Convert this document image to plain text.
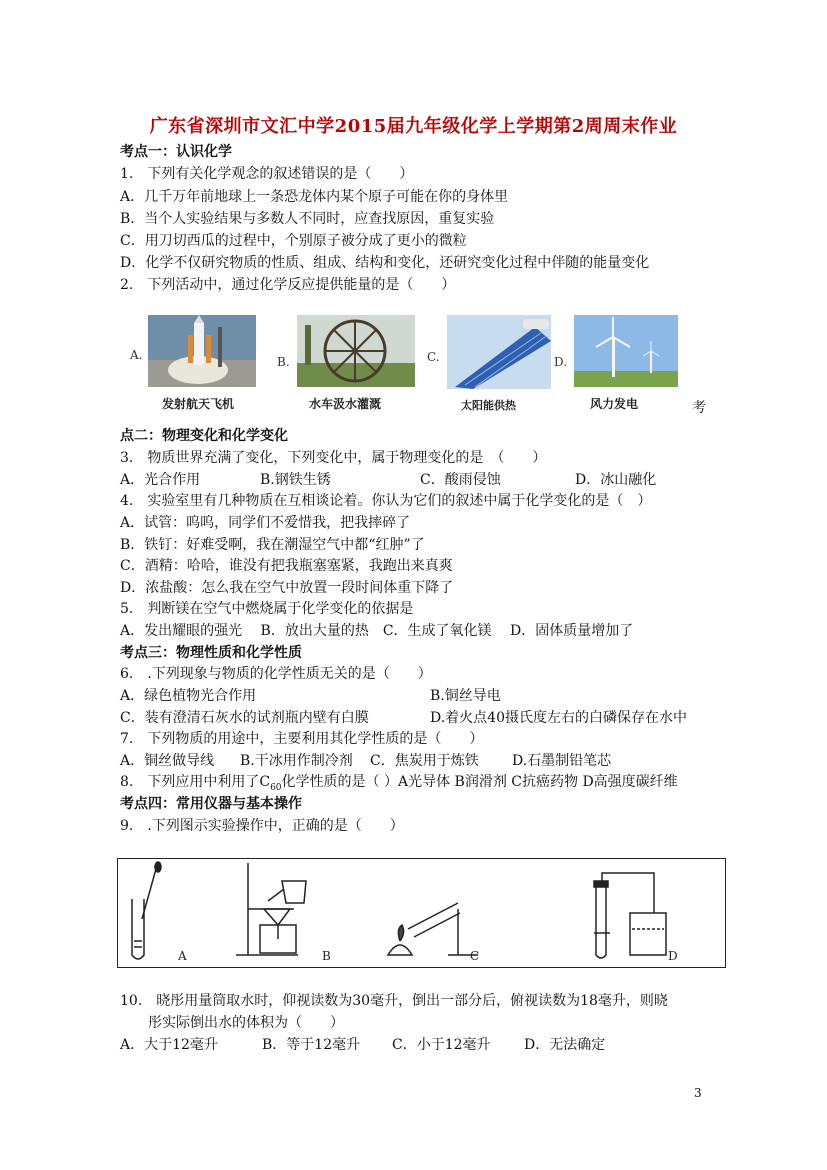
广东省深圳市文汇中学2015届九年级化学上学期第2周周末作业
考点一：认识化学
1.　下列有关化学观念的叙述错误的是（　　）
A．几千万年前地球上一条恐龙体内某个原子可能在你的身体里
B．当个人实验结果与多数人不同时，应查找原因，重复实验
C．用刀切西瓜的过程中，个别原子被分成了更小的微粒
D．化学不仅研究物质的性质、组成、结构和变化，还研究变化过程中伴随的能量变化
2.　下列活动中，通过化学反应提供能量的是（　　）
A.
发射航天飞机
B.
水车汲水灌溉
C.
太阳能供热
D.
风力发电	考
点二：物理变化和化学变化
3.　物质世界充满了变化，下列变化中，属于物理变化的是　（　　）
A．光合作用	B.钢铁生锈	C．酸雨侵蚀	D．冰山融化
4.　实验室里有几种物质在互相谈论着。你认为它们的叙述中属于化学变化的是（　）
A．试管：呜呜，同学们不爱惜我，把我摔碎了
B．铁钉：好难受啊，我在潮湿空气中都“红肿”了
C．酒精：哈哈，谁没有把我瓶塞塞紧，我跑出来真爽
D．浓盐酸：怎么我在空气中放置一段时间体重下降了
5.　判断镁在空气中燃烧属于化学变化的依据是
A．发出耀眼的强光　 B．放出大量的热　C．生成了氧化镁　 D．固体质量增加了
考点三：物理性质和化学性质
6.　.下列现象与物质的化学性质无关的是（　　）
A．绿色植物光合作用	B.铜丝导电
C．装有澄清石灰水的试剂瓶内壁有白膜	D.着火点40摄氏度左右的白磷保存在水中
7.　下列物质的用途中，主要利用其化学性质的是（　　）
A．铜丝做导线 B.干冰用作制冷剂 C．焦炭用于炼铁 D.石墨制铅笔芯
8.　下列应用中利用了$C_{60}$化学性质的是（ ）A光导体 B润滑剂 C抗癌药物 D高强度碳纤维
考点四：常用仪器与基本操作
9.　.下列图示实验操作中，正确的是（　　）
A	B	C	D
10.　晓彤用量筒取水时，仰视读数为30毫升，倒出一部分后，俯视读数为18毫升，则晓
彤实际倒出水的体积为（　　）
A．大于12毫升	B．等于12毫升 C．小于12毫升 D．无法确定
3
